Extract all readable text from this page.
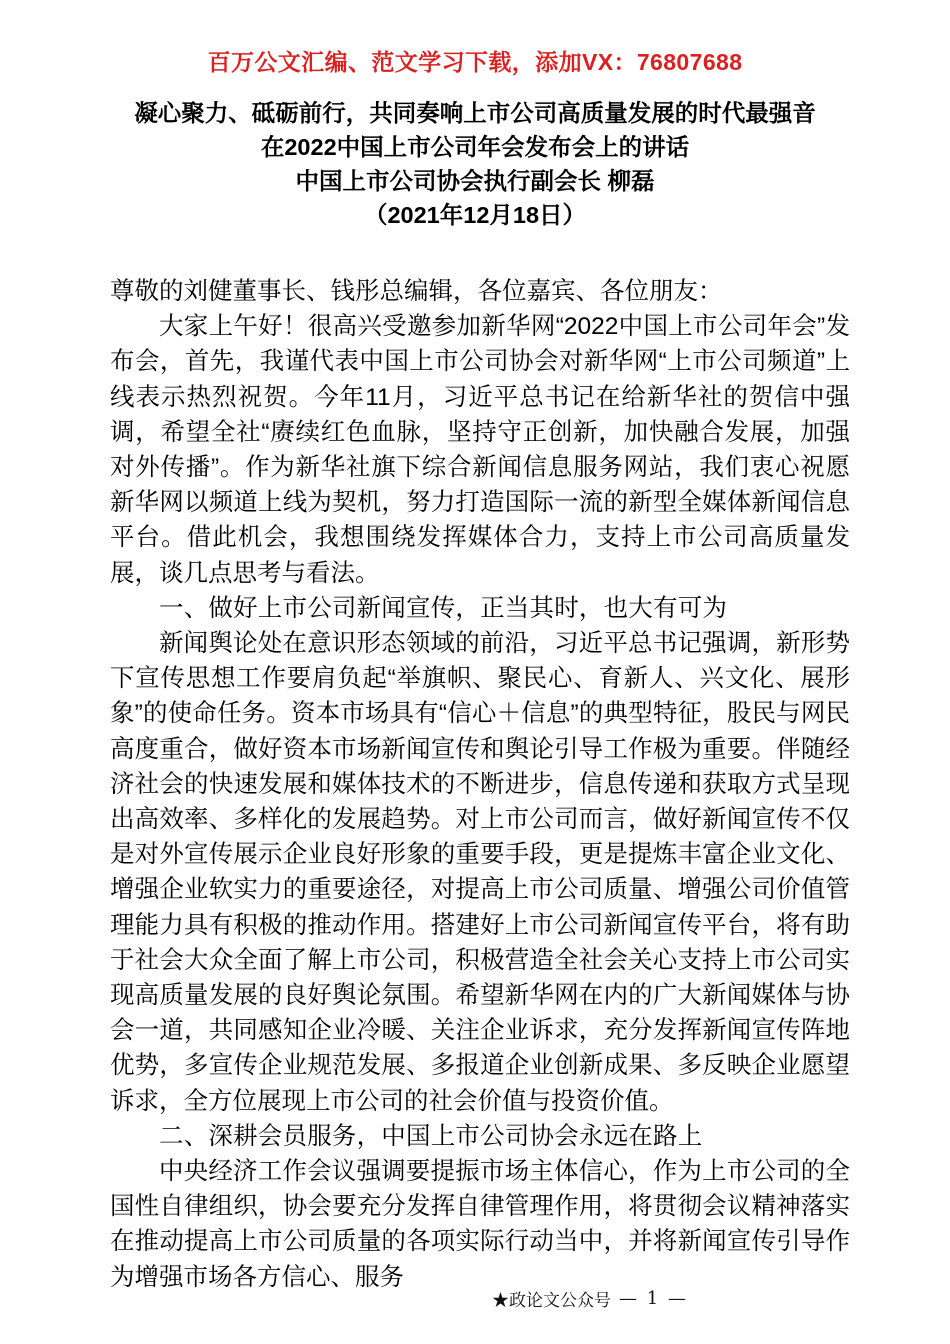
百万公文汇编、范文学习下载，添加VX：76807688
凝心聚力、砥砺前行，共同奏响上市公司高质量发展的时代最强音
在2022中国上市公司年会发布会上的讲话
中国上市公司协会执行副会长 柳磊
（2021年12月18日）

尊敬的刘健董事长、钱彤总编辑，各位嘉宾、各位朋友：

大家上午好！很高兴受邀参加新华网“2022中国上市公司年会”发布会，首先，我谨代表中国上市公司协会对新华网“上市公司频道”上线表示热烈祝贺。今年11月，习近平总书记在给新华社的贺信中强调，希望全社“赓续红色血脉，坚持守正创新，加快融合发展，加强对外传播”。作为新华社旗下综合新闻信息服务网站，我们衷心祝愿新华网以频道上线为契机，努力打造国际一流的新型全媒体新闻信息平台。借此机会，我想围绕发挥媒体合力，支持上市公司高质量发展，谈几点思考与看法。

一、做好上市公司新闻宣传，正当其时，也大有可为

新闻舆论处在意识形态领域的前沿，习近平总书记强调，新形势下宣传思想工作要肩负起“举旗帜、聚民心、育新人、兴文化、展形象”的使命任务。资本市场具有“信心＋信息”的典型特征，股民与网民高度重合，做好资本市场新闻宣传和舆论引导工作极为重要。伴随经济社会的快速发展和媒体技术的不断进步，信息传递和获取方式呈现出高效率、多样化的发展趋势。对上市公司而言，做好新闻宣传不仅是对外宣传展示企业良好形象的重要手段，更是提炼丰富企业文化、增强企业软实力的重要途径，对提高上市公司质量、增强公司价值管理能力具有积极的推动作用。搭建好上市公司新闻宣传平台，将有助于社会大众全面了解上市公司，积极营造全社会关心支持上市公司实现高质量发展的良好舆论氛围。希望新华网在内的广大新闻媒体与协会一道，共同感知企业冷暖、关注企业诉求，充分发挥新闻宣传阵地优势，多宣传企业规范发展、多报道企业创新成果、多反映企业愿望诉求，全方位展现上市公司的社会价值与投资价值。

二、深耕会员服务，中国上市公司协会永远在路上

中央经济工作会议强调要提振市场主体信心，作为上市公司的全国性自律组织，协会要充分发挥自律管理作用，将贯彻会议精神落实在推动提高上市公司质量的各项实际行动当中，并将新闻宣传引导作为增强市场各方信心、服务

★政论文公众号 — 1 —
